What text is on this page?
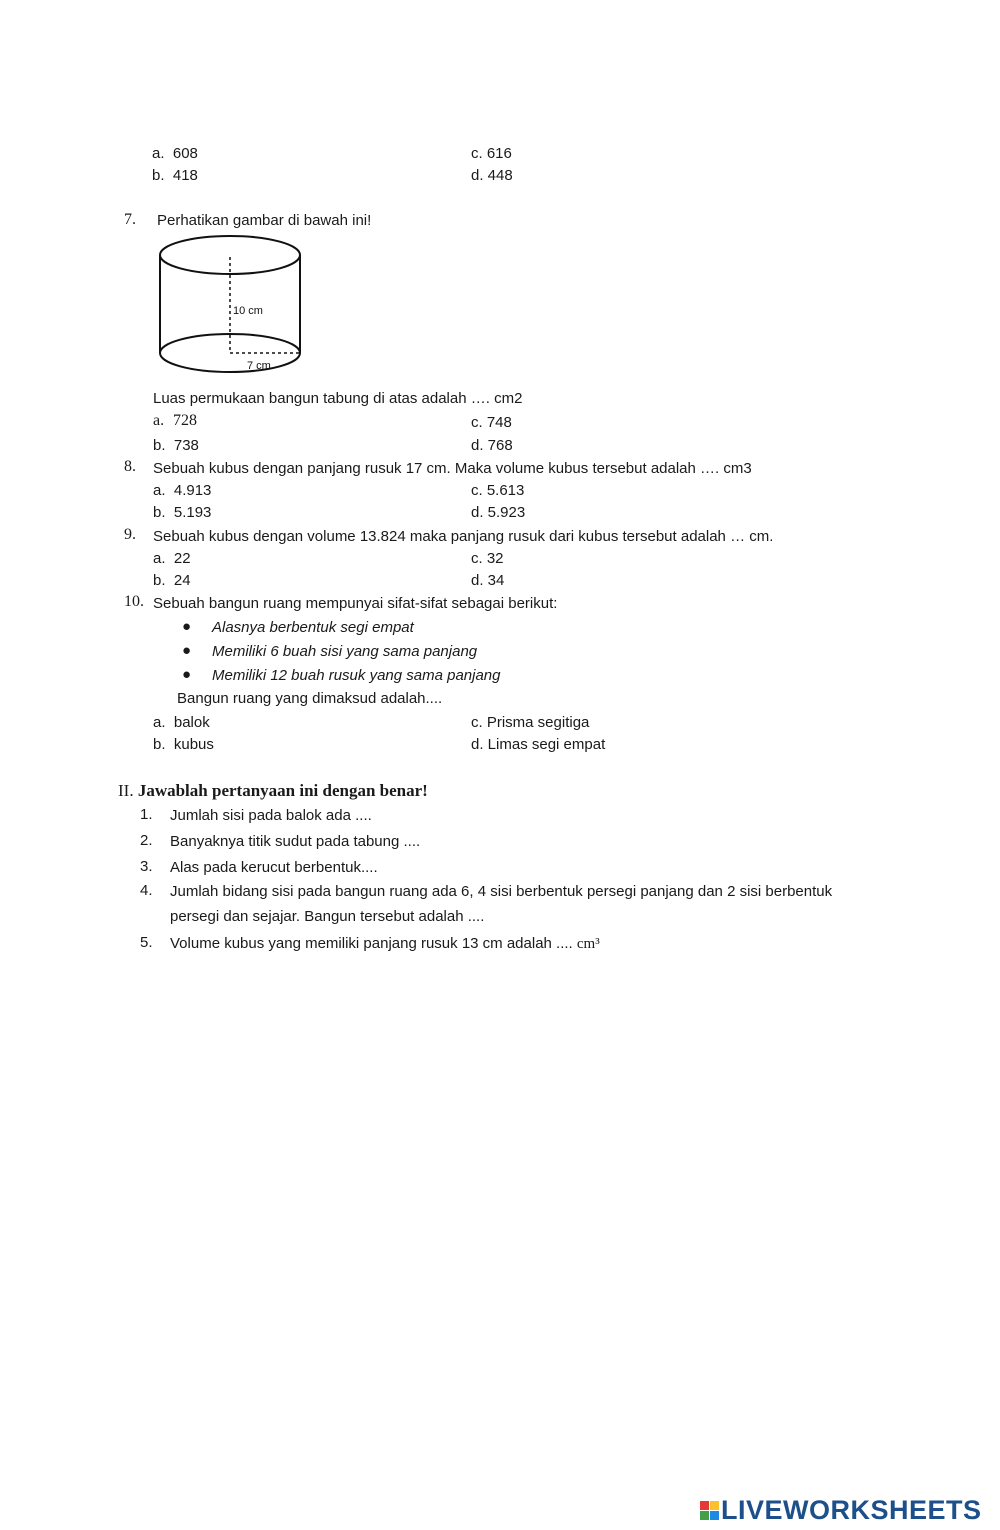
a. 608
b. 418
c. 616
d. 448
7. Perhatikan gambar di bawah ini!
10 cm
7 cm
Luas permukaan bangun tabung di atas adalah …. cm2
a. 728
b. 738
c. 748
d. 768
8. Sebuah kubus dengan panjang rusuk 17 cm. Maka volume kubus tersebut adalah …. cm3
a. 4.913
b. 5.193
c. 5.613
d. 5.923
9. Sebuah kubus dengan volume 13.824 maka panjang rusuk dari kubus tersebut adalah … cm.
a. 22
b. 24
c. 32
d. 34
10. Sebuah bangun ruang mempunyai sifat-sifat sebagai berikut:
● Alasnya berbentuk segi empat
● Memiliki 6 buah sisi yang sama panjang
● Memiliki 12 buah rusuk yang sama panjang
Bangun ruang yang dimaksud adalah....
a. balok
b. kubus
c. Prisma segitiga
d. Limas segi empat
II. Jawablah pertanyaan ini dengan benar!
1. Jumlah sisi pada balok ada ....
2. Banyaknya titik sudut pada tabung ....
3. Alas pada kerucut berbentuk....
4. Jumlah bidang sisi pada bangun ruang ada 6, 4 sisi berbentuk persegi panjang dan 2 sisi berbentuk
persegi dan sejajar. Bangun tersebut adalah ....
5. Volume kubus yang memiliki panjang rusuk 13 cm adalah .... cm³
LIVEWORKSHEETS
